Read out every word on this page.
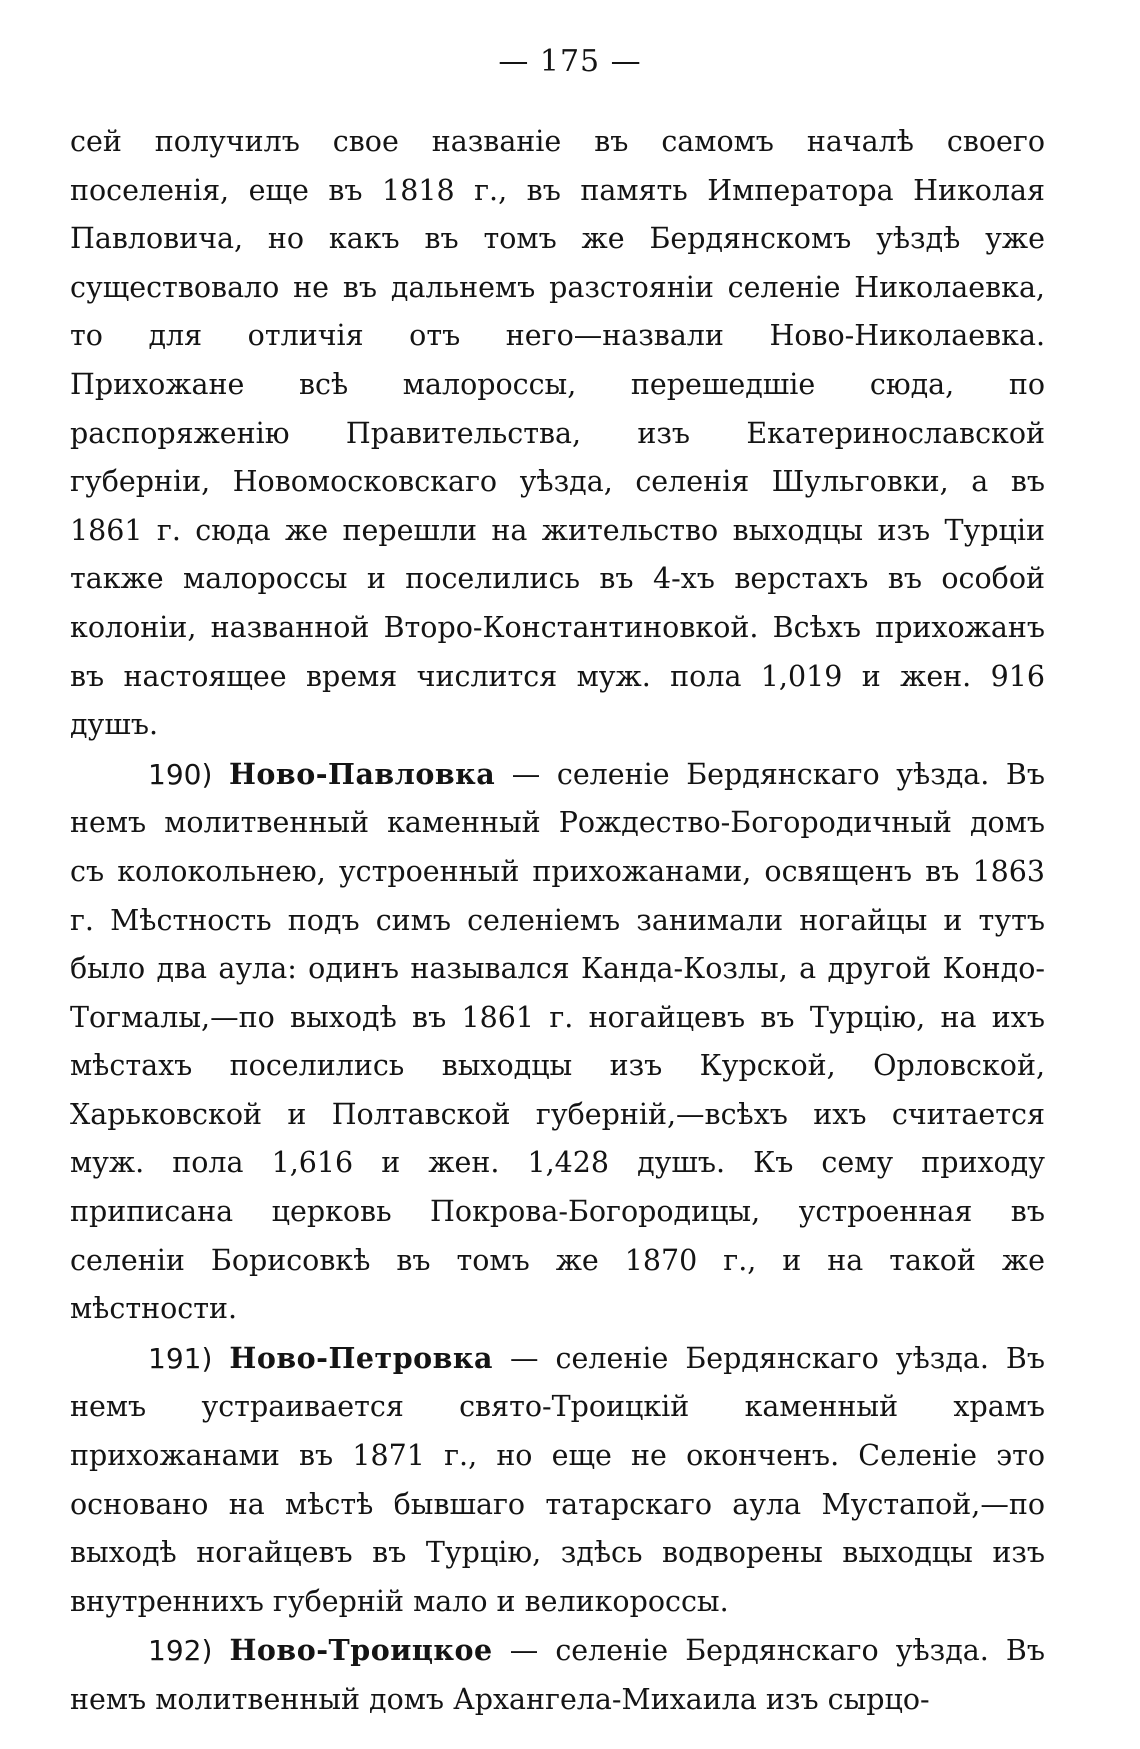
— 175 —

сей получилъ свое названіе въ самомъ началѣ своего поселенія, еще въ 1818 г., въ память Императора Николая Павловича, но какъ въ томъ же Бердянскомъ уѣздѣ уже существовало не въ дальнемъ разстояніи селеніе Николаевка, то для отличія отъ него—назвали Ново-Николаевка. Прихожане всѣ малороссы, перешедшіе сюда, по распоряженію Правительства, изъ Екатеринославской губерніи, Новомосковскаго уѣзда, селенія Шульговки, а въ 1861 г. сюда же перешли на жительство выходцы изъ Турціи также малороссы и поселились въ 4-хъ верстахъ въ особой колоніи, названной Второ-Константиновкой. Всѣхъ прихожанъ въ настоящее время числится муж. пола 1,019 и жен. 916 душъ.

190) Ново-Павловка — селеніе Бердянскаго уѣзда. Въ немъ молитвенный каменный Рождество-Богородичный домъ съ колокольнею, устроенный прихожанами, освященъ въ 1863 г. Мѣстность подъ симъ селеніемъ занимали ногайцы и тутъ было два аула: одинъ назывался Канда-Козлы, а другой Кондо-Тогмалы,—по выходѣ въ 1861 г. ногайцевъ въ Турцію, на ихъ мѣстахъ поселились выходцы изъ Курской, Орловской, Харьковской и Полтавской губерній,—всѣхъ ихъ считается муж. пола 1,616 и жен. 1,428 душъ. Къ сему приходу приписана церковь Покрова-Богородицы, устроенная въ селеніи Борисовкѣ въ томъ же 1870 г., и на такой же мѣстности.

191) Ново-Петровка — селеніе Бердянскаго уѣзда. Въ немъ устраивается свято-Троицкій каменный храмъ прихожанами въ 1871 г., но еще не оконченъ. Селеніе это основано на мѣстѣ бывшаго татарскаго аула Мустапой,—по выходѣ ногайцевъ въ Турцію, здѣсь водворены выходцы изъ внутреннихъ губерній мало и великороссы.

192) Ново-Троицкое — селеніе Бердянскаго уѣзда. Въ немъ молитвенный домъ Архангела-Михаила изъ сырцо-
